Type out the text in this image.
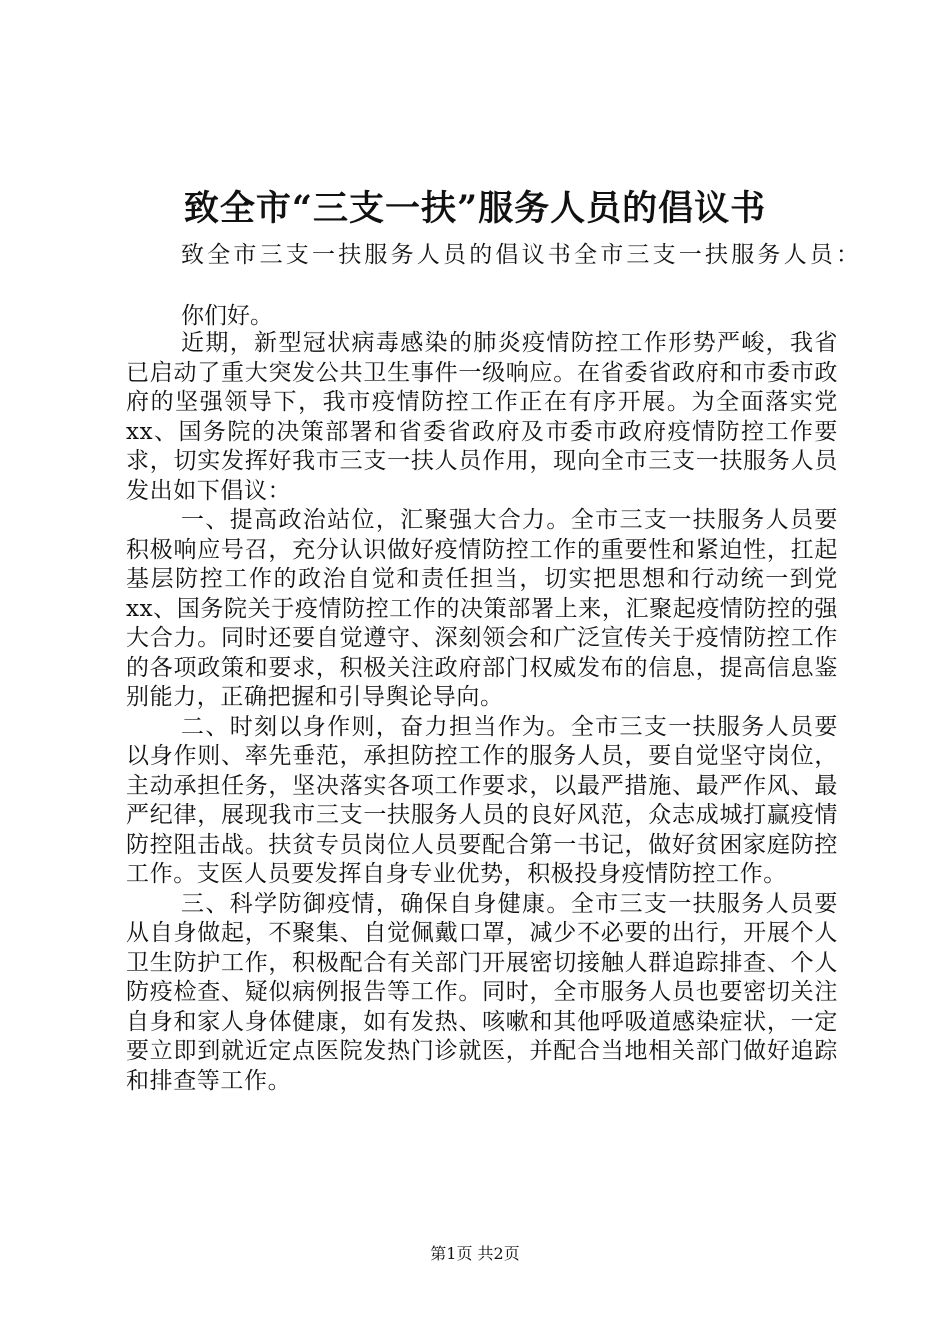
致全市“三支一扶”服务人员的倡议书
致全市三支一扶服务人员的倡议书全市三支一扶服务人员：
你们好。

近期，新型冠状病毒感染的肺炎疫情防控工作形势严峻，我省已启动了重大突发公共卫生事件一级响应。在省委省政府和市委市政府的坚强领导下，我市疫情防控工作正在有序开展。为全面落实党xx、国务院的决策部署和省委省政府及市委市政府疫情防控工作要求，切实发挥好我市三支一扶人员作用，现向全市三支一扶服务人员发出如下倡议：

一、提高政治站位，汇聚强大合力。全市三支一扶服务人员要积极响应号召，充分认识做好疫情防控工作的重要性和紧迫性，扛起基层防控工作的政治自觉和责任担当，切实把思想和行动统一到党xx、国务院关于疫情防控工作的决策部署上来，汇聚起疫情防控的强大合力。同时还要自觉遵守、深刻领会和广泛宣传关于疫情防控工作的各项政策和要求，积极关注政府部门权威发布的信息，提高信息鉴别能力，正确把握和引导舆论导向。

二、时刻以身作则，奋力担当作为。全市三支一扶服务人员要以身作则、率先垂范，承担防控工作的服务人员，要自觉坚守岗位，主动承担任务，坚决落实各项工作要求，以最严措施、最严作风、最严纪律，展现我市三支一扶服务人员的良好风范，众志成城打赢疫情防控阻击战。扶贫专员岗位人员要配合第一书记，做好贫困家庭防控工作。支医人员要发挥自身专业优势，积极投身疫情防控工作。

三、科学防御疫情，确保自身健康。全市三支一扶服务人员要从自身做起，不聚集、自觉佩戴口罩，减少不必要的出行，开展个人卫生防护工作，积极配合有关部门开展密切接触人群追踪排查、个人防疫检查、疑似病例报告等工作。同时，全市服务人员也要密切关注自身和家人身体健康，如有发热、咳嗽和其他呼吸道感染症状，一定要立即到就近定点医院发热门诊就医，并配合当地相关部门做好追踪和排查等工作。

第1页 共2页
